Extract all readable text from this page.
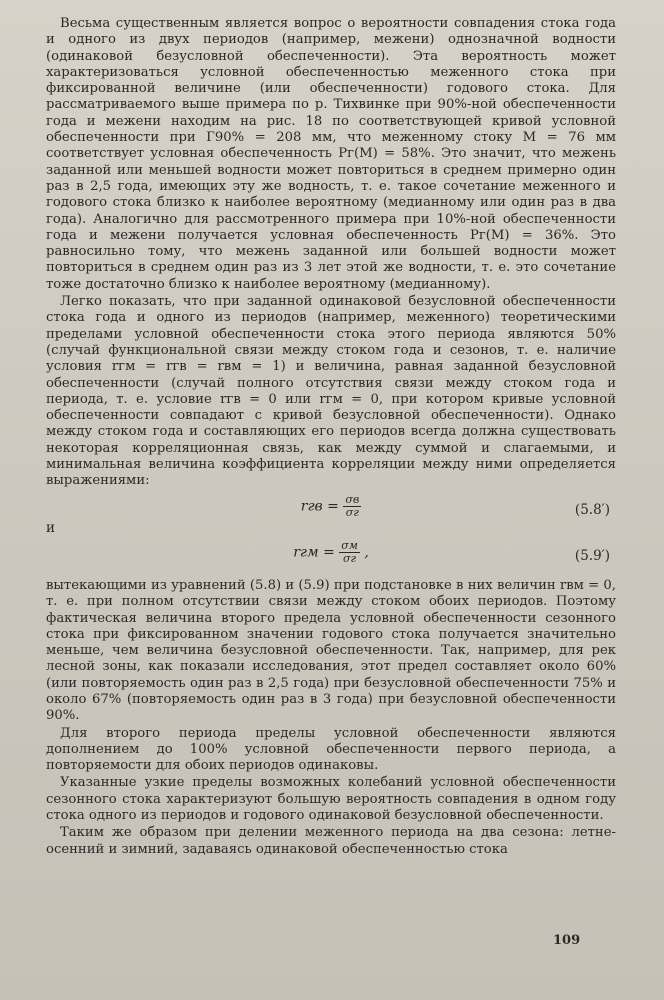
Весьма существенным является вопрос о вероятности совпадения стока года и одного из двух периодов (например, межени) однозначной водности (одинаковой безусловной обеспеченности). Эта вероятность может характеризоваться условной обеспеченностью меженного стока при фиксированной величине (или обеспеченности) годового стока. Для рассматриваемого выше примера по р. Тихвинке при 90%-ной обеспеченности года и межени находим на рис. 18 по соответствующей кривой условной обеспеченности при Г90% = 208 мм, что меженному стоку М = 76 мм соответствует условная обеспеченность Pг(М) = 58%. Это значит, что межень заданной или меньшей водности может повториться в среднем примерно один раз в 2,5 года, имеющих эту же водность, т. е. такое сочетание меженного и годового стока близко к наиболее вероятному (медианному или один раз в два года). Аналогично для рассмотренного примера при 10%-ной обеспеченности года и межени получается условная обеспеченность Pг(М) = 36%. Это равносильно тому, что межень заданной или большей водности может повториться в среднем один раз из 3 лет этой же водности, т. е. это сочетание тоже достаточно близко к наиболее вероятному (медианному).

Легко показать, что при заданной одинаковой безусловной обеспеченности стока года и одного из периодов (например, меженного) теоретическими пределами условной обеспеченности стока этого периода являются 50% (случай функциональной связи между стоком года и сезонов, т. е. наличие условия rгм = rгв = rвм = 1) и величина, равная заданной безусловной обеспеченности (случай полного отсутствия связи между стоком года и периода, т. е. условие rгв = 0 или rгм = 0, при котором кривые условной обеспеченности совпадают с кривой безусловной обеспеченности). Однако между стоком года и составляющих его периодов всегда должна существовать некоторая корреляционная связь, как между суммой и слагаемыми, и минимальная величина коэффициента корреляции между ними определяется выражениями:

rгв = $\frac{\sigma в}{\sigma г}$	(5.8′)
и
rгм = $\frac{\sigma м}{\sigma г}$ ,	(5.9′)

вытекающими из уравнений (5.8) и (5.9) при подстановке в них величин rвм = 0, т. е. при полном отсутствии связи между стоком обоих периодов. Поэтому фактическая величина второго предела условной обеспеченности сезонного стока при фиксированном значении годового стока получается значительно меньше, чем величина безусловной обеспеченности. Так, например, для рек лесной зоны, как показали исследования, этот предел составляет около 60% (или повторяемость один раз в 2,5 года) при безусловной обеспеченности 75% и около 67% (повторяемость один раз в 3 года) при безусловной обеспеченности 90%.

Для второго периода пределы условной обеспеченности являются дополнением до 100% условной обеспеченности первого периода, а повторяемости для обоих периодов одинаковы.

Указанные узкие пределы возможных колебаний условной обеспеченности сезонного стока характеризуют большую вероятность совпадения в одном году стока одного из периодов и годового одинаковой безусловной обеспеченности.

Таким же образом при делении меженного периода на два сезона: летне-осенний и зимний, задаваясь одинаковой обеспеченностью стока

109
